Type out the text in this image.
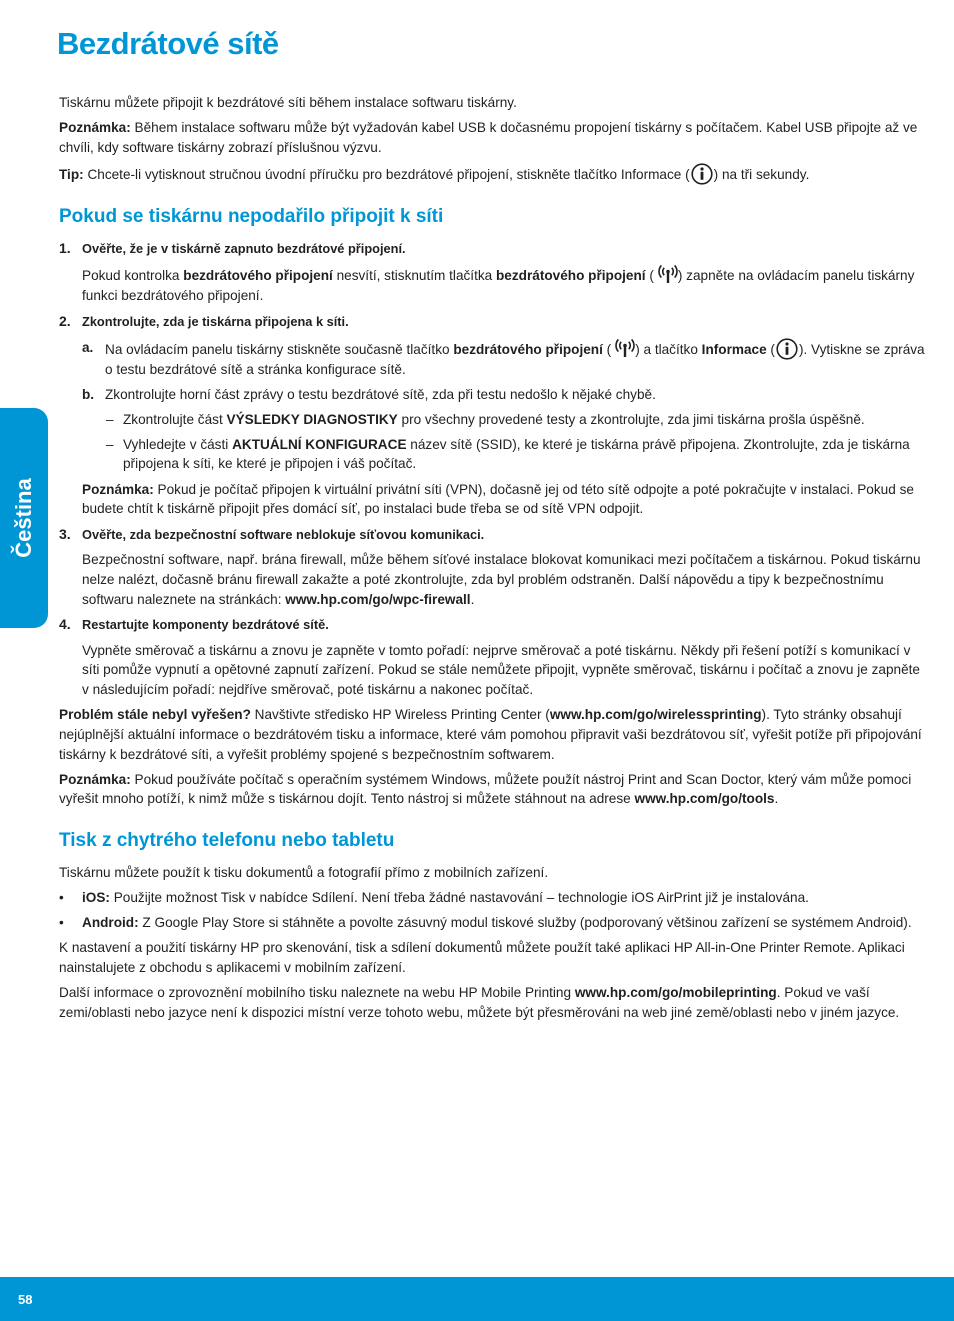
Bezdrátové sítě
Čeština

Tiskárnu můžete připojit k bezdrátové síti během instalace softwaru tiskárny.

Poznámka: Během instalace softwaru může být vyžadován kabel USB k dočasnému propojení tiskárny s počítačem. Kabel USB připojte až ve chvíli, kdy software tiskárny zobrazí příslušnou výzvu.

Tip: Chcete-li vytisknout stručnou úvodní příručku pro bezdrátové připojení, stiskněte tlačítko Informace ( ) na tři sekundy.

Pokud se tiskárnu nepodařilo připojit k síti
1. Ověřte, že je v tiskárně zapnuto bezdrátové připojení.

Pokud kontrolka bezdrátového připojení nesvítí, stisknutím tlačítka bezdrátového připojení ( ) zapněte na ovládacím panelu tiskárny funkci bezdrátového připojení.

2. Zkontrolujte, zda je tiskárna připojena k síti.

a. Na ovládacím panelu tiskárny stiskněte současně tlačítko bezdrátového připojení ( ) a tlačítko Informace ( ). Vytiskne se zpráva o testu bezdrátové sítě a stránka konfigurace sítě.

b. Zkontrolujte horní část zprávy o testu bezdrátové sítě, zda při testu nedošlo k nějaké chybě.

– Zkontrolujte část VÝSLEDKY DIAGNOSTIKY pro všechny provedené testy a zkontrolujte, zda jimi tiskárna prošla úspěšně.

– Vyhledejte v části AKTUÁLNÍ KONFIGURACE název sítě (SSID), ke které je tiskárna právě připojena. Zkontrolujte, zda je tiskárna připojena k síti, ke které je připojen i váš počítač.

Poznámka: Pokud je počítač připojen k virtuální privátní síti (VPN), dočasně jej od této sítě odpojte a poté pokračujte v instalaci. Pokud se budete chtít k tiskárně připojit přes domácí síť, po instalaci bude třeba se od sítě VPN odpojit.

3. Ověřte, zda bezpečnostní software neblokuje síťovou komunikaci.

Bezpečnostní software, např. brána firewall, může během síťové instalace blokovat komunikaci mezi počítačem a tiskárnou. Pokud tiskárnu nelze nalézt, dočasně bránu firewall zakažte a poté zkontrolujte, zda byl problém odstraněn. Další nápovědu a tipy k bezpečnostnímu softwaru naleznete na stránkách: www.hp.com/go/wpc-firewall.

4. Restartujte komponenty bezdrátové sítě.

Vypněte směrovač a tiskárnu a znovu je zapněte v tomto pořadí: nejprve směrovač a poté tiskárnu. Někdy při řešení potíží s komunikací v síti pomůže vypnutí a opětovné zapnutí zařízení. Pokud se stále nemůžete připojit, vypněte směrovač, tiskárnu i počítač a znovu je zapněte v následujícím pořadí: nejdříve směrovač, poté tiskárnu a nakonec počítač.

Problém stále nebyl vyřešen? Navštivte středisko HP Wireless Printing Center (www.hp.com/go/wirelessprinting). Tyto stránky obsahují nejúplnější aktuální informace o bezdrátovém tisku a informace, které vám pomohou připravit vaši bezdrátovou síť, vyřešit potíže při připojování tiskárny k bezdrátové síti, a vyřešit problémy spojené s bezpečnostním softwarem.

Poznámka: Pokud používáte počítač s operačním systémem Windows, můžete použít nástroj Print and Scan Doctor, který vám může pomoci vyřešit mnoho potíží, k nimž může s tiskárnou dojít. Tento nástroj si můžete stáhnout na adrese www.hp.com/go/tools.

Tisk z chytrého telefonu nebo tabletu

Tiskárnu můžete použít k tisku dokumentů a fotografií přímo z mobilních zařízení.

• iOS: Použijte možnost Tisk v nabídce Sdílení. Není třeba žádné nastavování – technologie iOS AirPrint již je instalována.

• Android: Z Google Play Store si stáhněte a povolte zásuvný modul tiskové služby (podporovaný většinou zařízení se systémem Android).

K nastavení a použití tiskárny HP pro skenování, tisk a sdílení dokumentů můžete použít také aplikaci HP All-in-One Printer Remote. Aplikaci nainstalujete z obchodu s aplikacemi v mobilním zařízení.

Další informace o zprovoznění mobilního tisku naleznete na webu HP Mobile Printing www.hp.com/go/mobileprinting. Pokud ve vaší zemi/oblasti nebo jazyce není k dispozici místní verze tohoto webu, můžete být přesměrováni na web jiné země/oblasti nebo v jiném jazyce.

58
